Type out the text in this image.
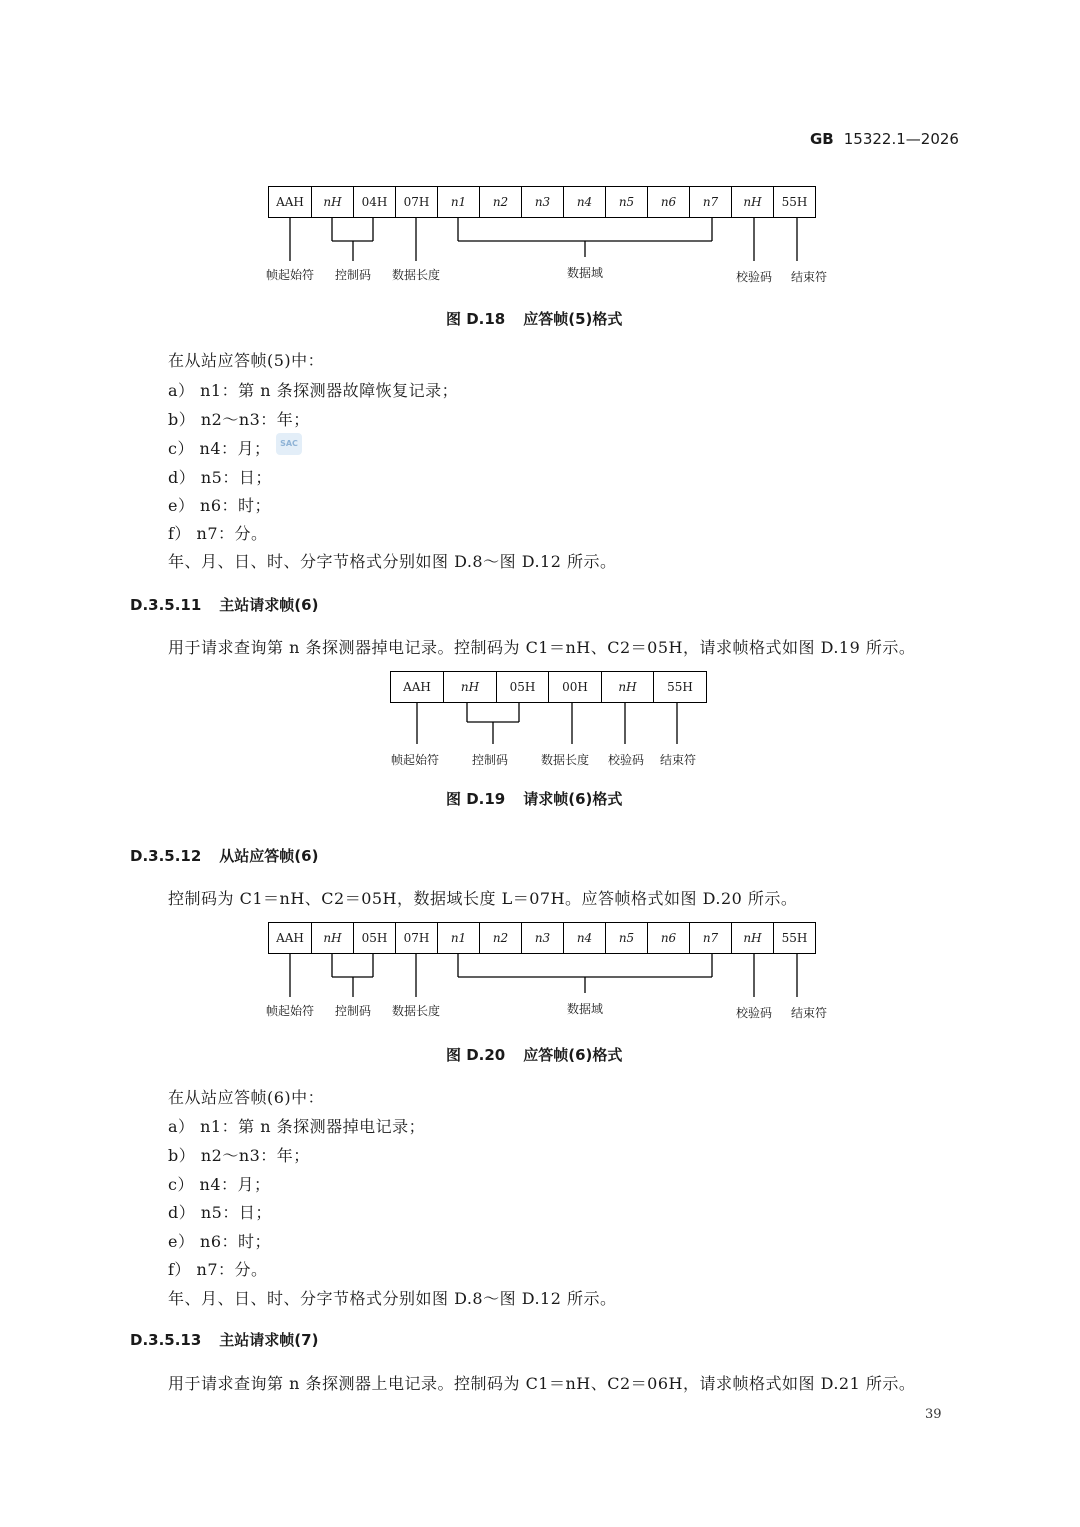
GB 15322.1—2026
AAH	nH	04H	07H	n1	n2	n3	n4	n5	n6	n7	nH	55H
帧起始符 控制码 数据长度	数据域	校验码 结束符
图 D.18 应答帧(5)格式
在从站应答帧(5)中：
a） n1：第 n 条探测器故障恢复记录；
b） n2～n3：年；
c） n4：月；	SAC
d） n5：日；
e） n6：时；
f） n7：分。
年、月、日、时、分字节格式分别如图 D.8～图 D.12 所示。
D.3.5.11 主站请求帧(6)
用于请求查询第 n 条探测器掉电记录。控制码为 C1＝nH、C2＝05H，请求帧格式如图 D.19 所示。
AAH	nH	05H	00H	nH	55H
帧起始符	控制码	数据长度 校验码 结束符
图 D.19 请求帧(6)格式
D.3.5.12 从站应答帧(6)
控制码为 C1＝nH、C2＝05H，数据域长度 L＝07H。应答帧格式如图 D.20 所示。
AAH	nH	05H	07H	n1	n2	n3	n4	n5	n6	n7	nH	55H
帧起始符 控制码 数据长度	数据域	校验码 结束符
图 D.20 应答帧(6)格式
在从站应答帧(6)中：
a） n1：第 n 条探测器掉电记录；
b） n2～n3：年；
c） n4：月；
d） n5：日；
e） n6：时；
f） n7：分。
年、月、日、时、分字节格式分别如图 D.8～图 D.12 所示。
D.3.5.13 主站请求帧(7)
用于请求查询第 n 条探测器上电记录。控制码为 C1＝nH、C2＝06H，请求帧格式如图 D.21 所示。
39
